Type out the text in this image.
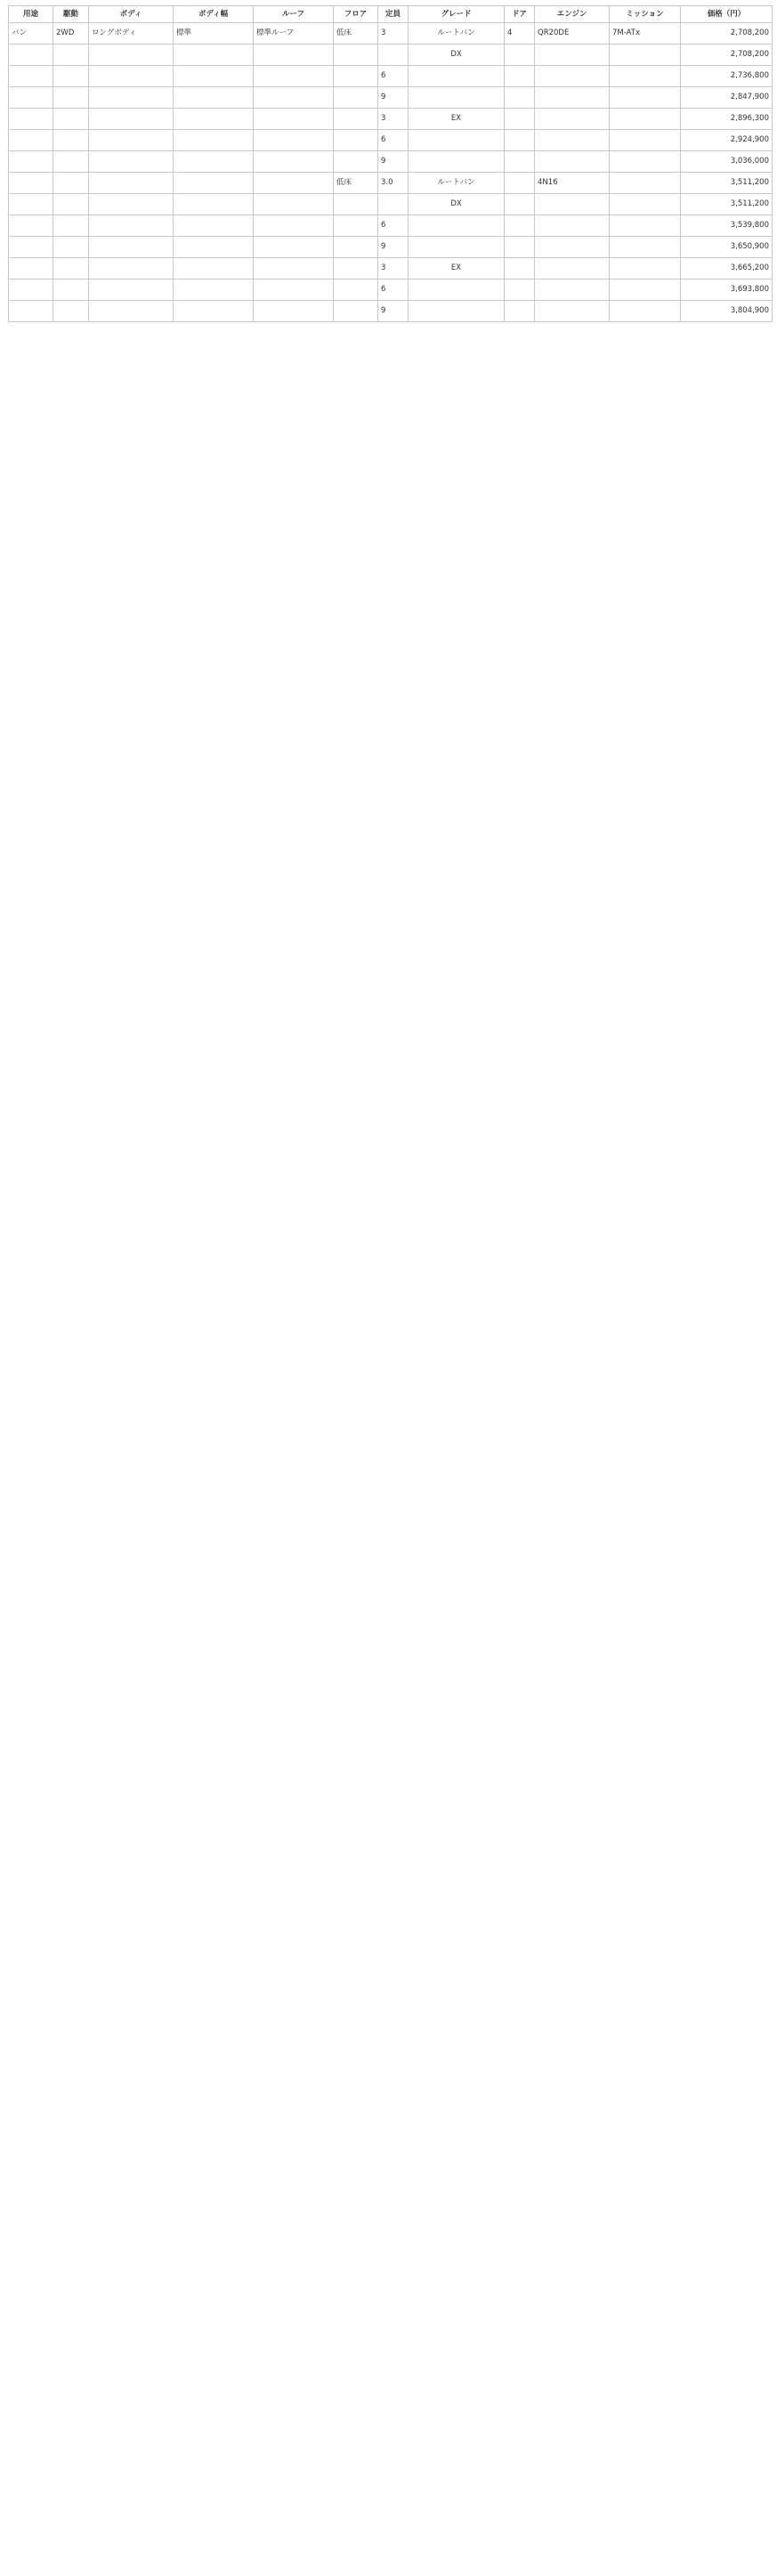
用途	駆動	ボディ	ボディ幅	ルーフ	フロア	定員	グレード	ドア	エンジン	ミッション	価格（円）
バン	2WD	ロングボディ	標準	標準ルーフ	低床	3	ルートバン	4	QR20DE	7M-ATx	2,708,200
							DX				2,708,200
						6					2,736,800
						9					2,847,900
						3	EX				2,896,300
						6					2,924,900
						9					3,036,000
					低床	3.0	ルートバン		4N16		3,511,200
							DX				3,511,200
						6					3,539,800
						9					3,650,900
						3	EX				3,665,200
						6					3,693,800
						9					3,804,900
